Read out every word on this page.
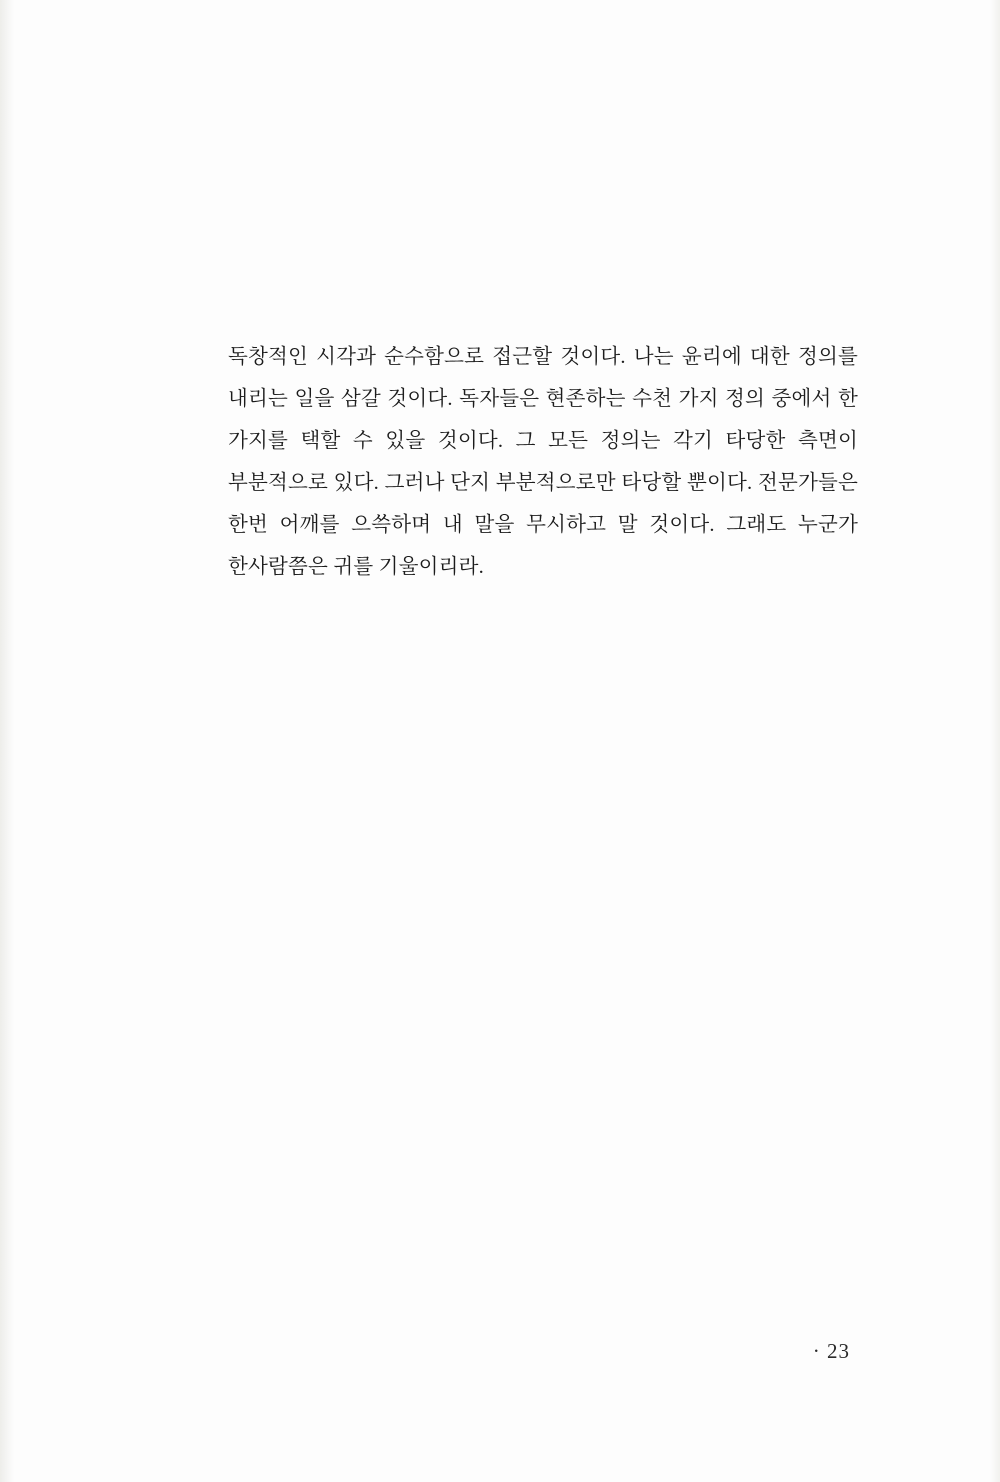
독창적인 시각과 순수함으로 접근할 것이다. 나는 윤리에 대한 정의를 내리는 일을 삼갈 것이다. 독자들은 현존하는 수천 가지 정의 중에서 한 가지를 택할 수 있을 것이다. 그 모든 정의는 각기 타당한 측면이 부분적으로 있다. 그러나 단지 부분적으로만 타당할 뿐이다. 전문가들은 한번 어깨를 으쓱하며 내 말을 무시하고 말 것이다. 그래도 누군가 한사람쯤은 귀를 기울이리라.

· 23
